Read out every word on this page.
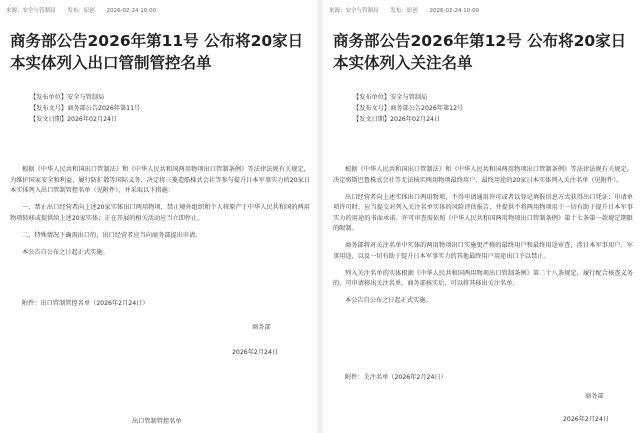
来源：安全与管制局 发布：原创 2026-02-24 10:00
商务部公告2026年第11号 公布将20家日本实体列入出口管制管控名单
【发布单位】安全与管制局
【发布文号】商务部公告2026年第11号
【发文日期】2026年02月24日

根据《中华人民共和国出口管制法》和《中华人民共和国两用物项出口管制条例》等法律法规有关规定，为维护国家安全和利益，履行防扩散等国际义务，决定将三菱造船株式会社等参与提升日本军事实力的20家日本实体列入出口管制管控名单（见附件），并采取以下措施：

一、禁止出口经营者向上述20家实体出口两用物项，禁止境外组织和个人将原产于中华人民共和国的两用物项转移或提供给上述20家实体；正在开展的相关活动应当立即停止。

二、特殊情况下确需出口的，出口经营者应当向商务部提出申请。

本公告自公布之日起正式实施。

附件：出口管制管控名单（2026年2月24日）
商务部
2026年2月24日
出口管制管控名单
来源：安全与管制局 发布：原创 2026-02-24 10:00
商务部公告2026年第12号 公布将20家日本实体列入关注名单
【发布单位】安全与管制局
【发布文号】商务部公告2026年第12号
【发文日期】2026年02月24日

根据《中华人民共和国出口管制法》和《中华人民共和国两用物项出口管制条例》等法律法规有关规定，决定将斯巴鲁株式会社等无法核实两用物项最终用户、最终用途的20家日本实体列入关注名单（见附件）。

出口经营者向上述实体出口两用物项，不得申请通用许可或者以登记填报信息方式获得出口凭证；申请单项许可时，应当提交对列入关注名单实体的风险评估报告，并提供不将两用物项用于一切有助于提升日本军事实力的用途的书面承诺。许可审查需依照《中华人民共和国两用物项出口管制条例》第十七条第一款规定期限的限制。

商务部将对关注名单中实体的两用物项出口实施更严格的最终用户和最终用途审查，涉日本军事用户、军事用途，以及一切有助于提升日本军事实力的其他最终用户用途出口予以禁止。

列入关注名单的实体根据《中华人民共和国两用物项出口管制条例》第二十八条规定，履行配合核查义务的，可申请移出关注名单，商务部核实后，可以将其移出关注名单。

本公告自公布之日起正式实施。

附件：关注名单（2026年2月24日）
商务部
2026年2月24日
